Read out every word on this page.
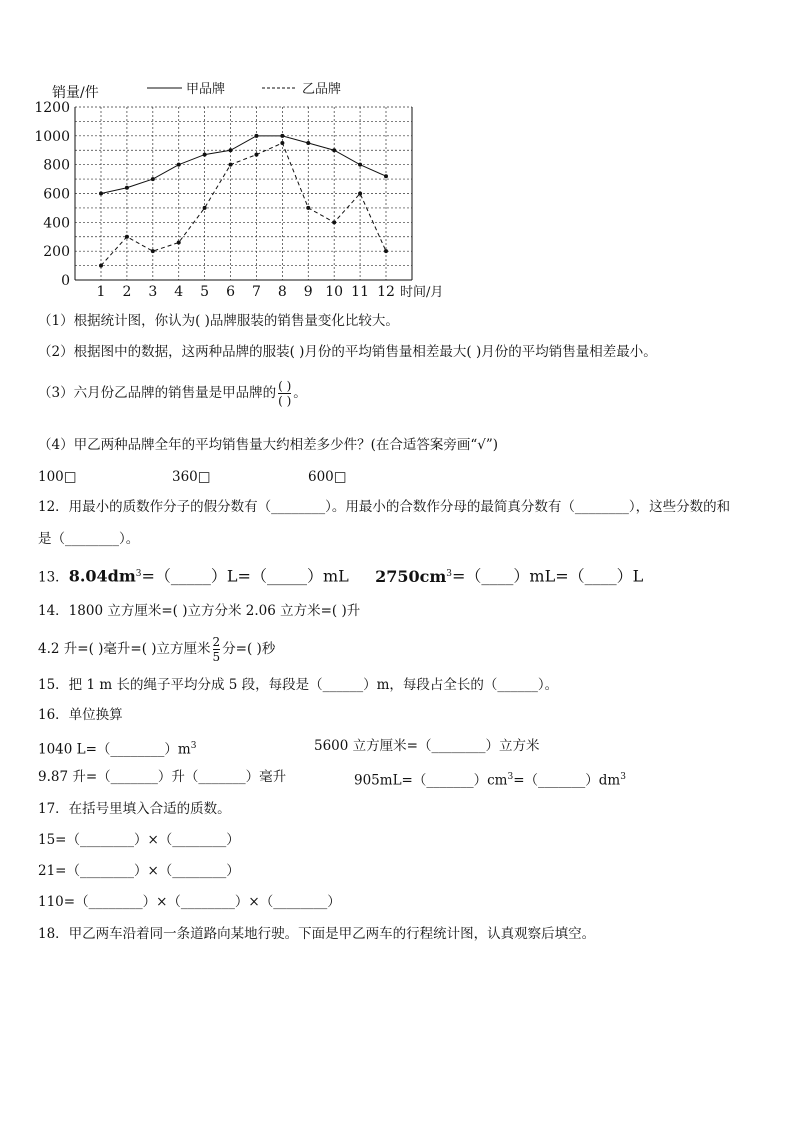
销量/件	甲品牌	乙品牌
0
200
400
600
800
1000
1200
1 2 3 4 5 6 7 8 9 10 11 12 时间/月
（1）根据统计图，你认为( )品牌服装的销售量变化比较大。
（2）根据图中的数据，这两种品牌的服装( )月份的平均销售量相差最大( )月份的平均销售量相差最小。
（3）六月份乙品牌的销售量是甲品牌的 $\frac{( )}{( )}$ 。
（4）甲乙两种品牌全年的平均销售量大约相差多少件？(在合适答案旁画“√”)
100□	360□	600□
12．用最小的质数作分子的假分数有（________）。用最小的合数作分母的最简真分数有（________），这些分数的和
是（________）。
13．$8.04dm^3=(\_\_\_\_\_)L=(\_\_\_\_\_)mL$ $2750cm^3=(\_\_\_\_)mL=(\_\_\_\_)L$
14．1800 立方厘米=( )立方分米 2.06 立方米=( )升
4.2 升=( )毫升=( )立方厘米 $\frac{2}{5}$ 分=( )秒
15．把 1 m 长的绳子平均分成 5 段，每段是（______）m，每段占全长的（______）。
16．单位换算
1040 $L=(\_\_\_\_\_\_\_\_)m^3$	5600 立方厘米=（________）立方米
9.87 升=（_______）升（_______）毫升	$905mL=(\_\_\_\_\_\_\_)cm^3=(\_\_\_\_\_\_\_)dm^3$
17．在括号里填入合适的质数。
15=（________）×（________）
21=（________）×（________）
110=（________）×（________）×（________）
18．甲乙两车沿着同一条道路向某地行驶。下面是甲乙两车的行程统计图，认真观察后填空。
